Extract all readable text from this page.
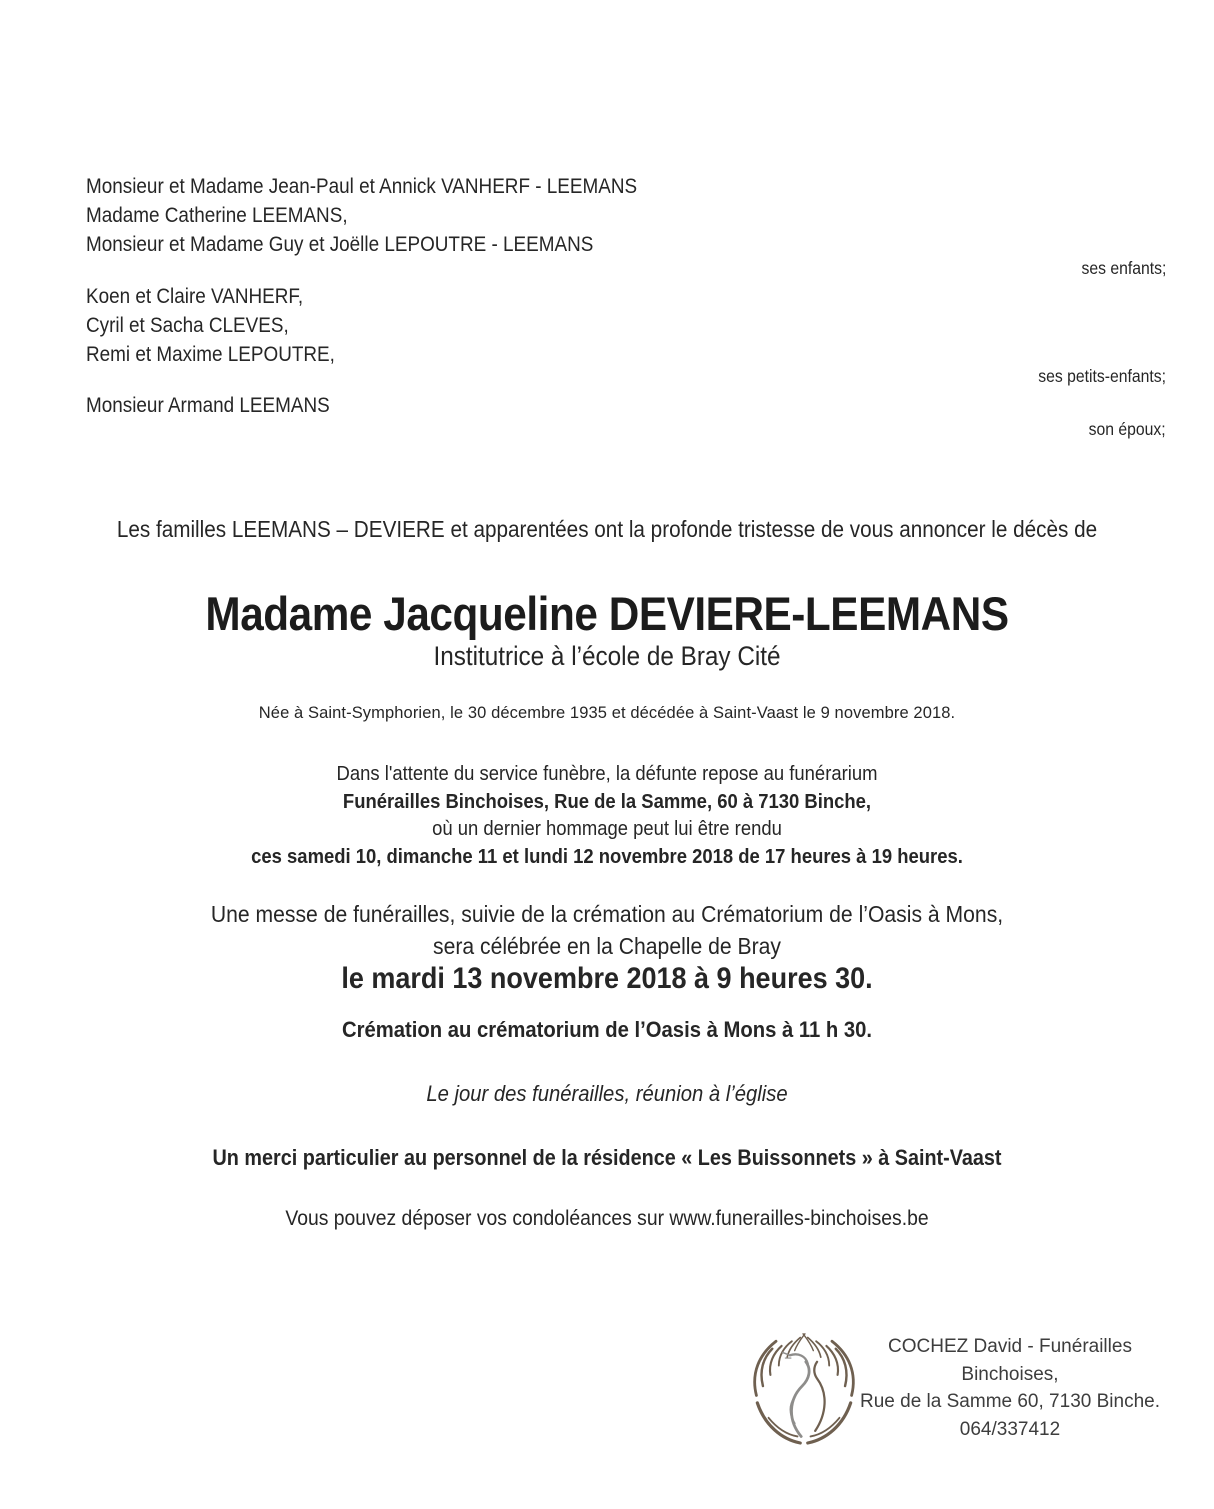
Monsieur et Madame Jean-Paul et Annick VANHERF - LEEMANS
Madame Catherine LEEMANS,
Monsieur et Madame Guy et Joëlle LEPOUTRE - LEEMANS
ses enfants;
Koen et Claire VANHERF,
Cyril et Sacha CLEVES,
Remi et Maxime LEPOUTRE,
ses petits-enfants;
Monsieur Armand LEEMANS
son époux;
Les familles LEEMANS – DEVIERE et apparentées ont la profonde tristesse de vous annoncer le décès de
Madame Jacqueline DEVIERE-LEEMANS
Institutrice à l’école de Bray Cité
Née à Saint-Symphorien, le 30 décembre 1935 et décédée à Saint-Vaast le 9 novembre 2018.
Dans l'attente du service funèbre, la défunte repose au funérarium
Funérailles Binchoises, Rue de la Samme, 60 à 7130 Binche,
où un dernier hommage peut lui être rendu
ces samedi 10, dimanche 11 et lundi 12 novembre 2018 de 17 heures à 19 heures.
Une messe de funérailles, suivie de la crémation au Crématorium de l’Oasis à Mons,
sera célébrée en la Chapelle de Bray
le mardi 13 novembre 2018 à 9 heures 30.
Crémation au crématorium de l’Oasis à Mons à 11 h 30.
Le jour des funérailles, réunion à l’église
Un merci particulier au personnel de la résidence « Les Buissonnets » à Saint-Vaast
Vous pouvez déposer vos condoléances sur www.funerailles-binchoises.be
COCHEZ David - Funérailles Binchoises,
Rue de la Samme 60, 7130 Binche.
064/337412
